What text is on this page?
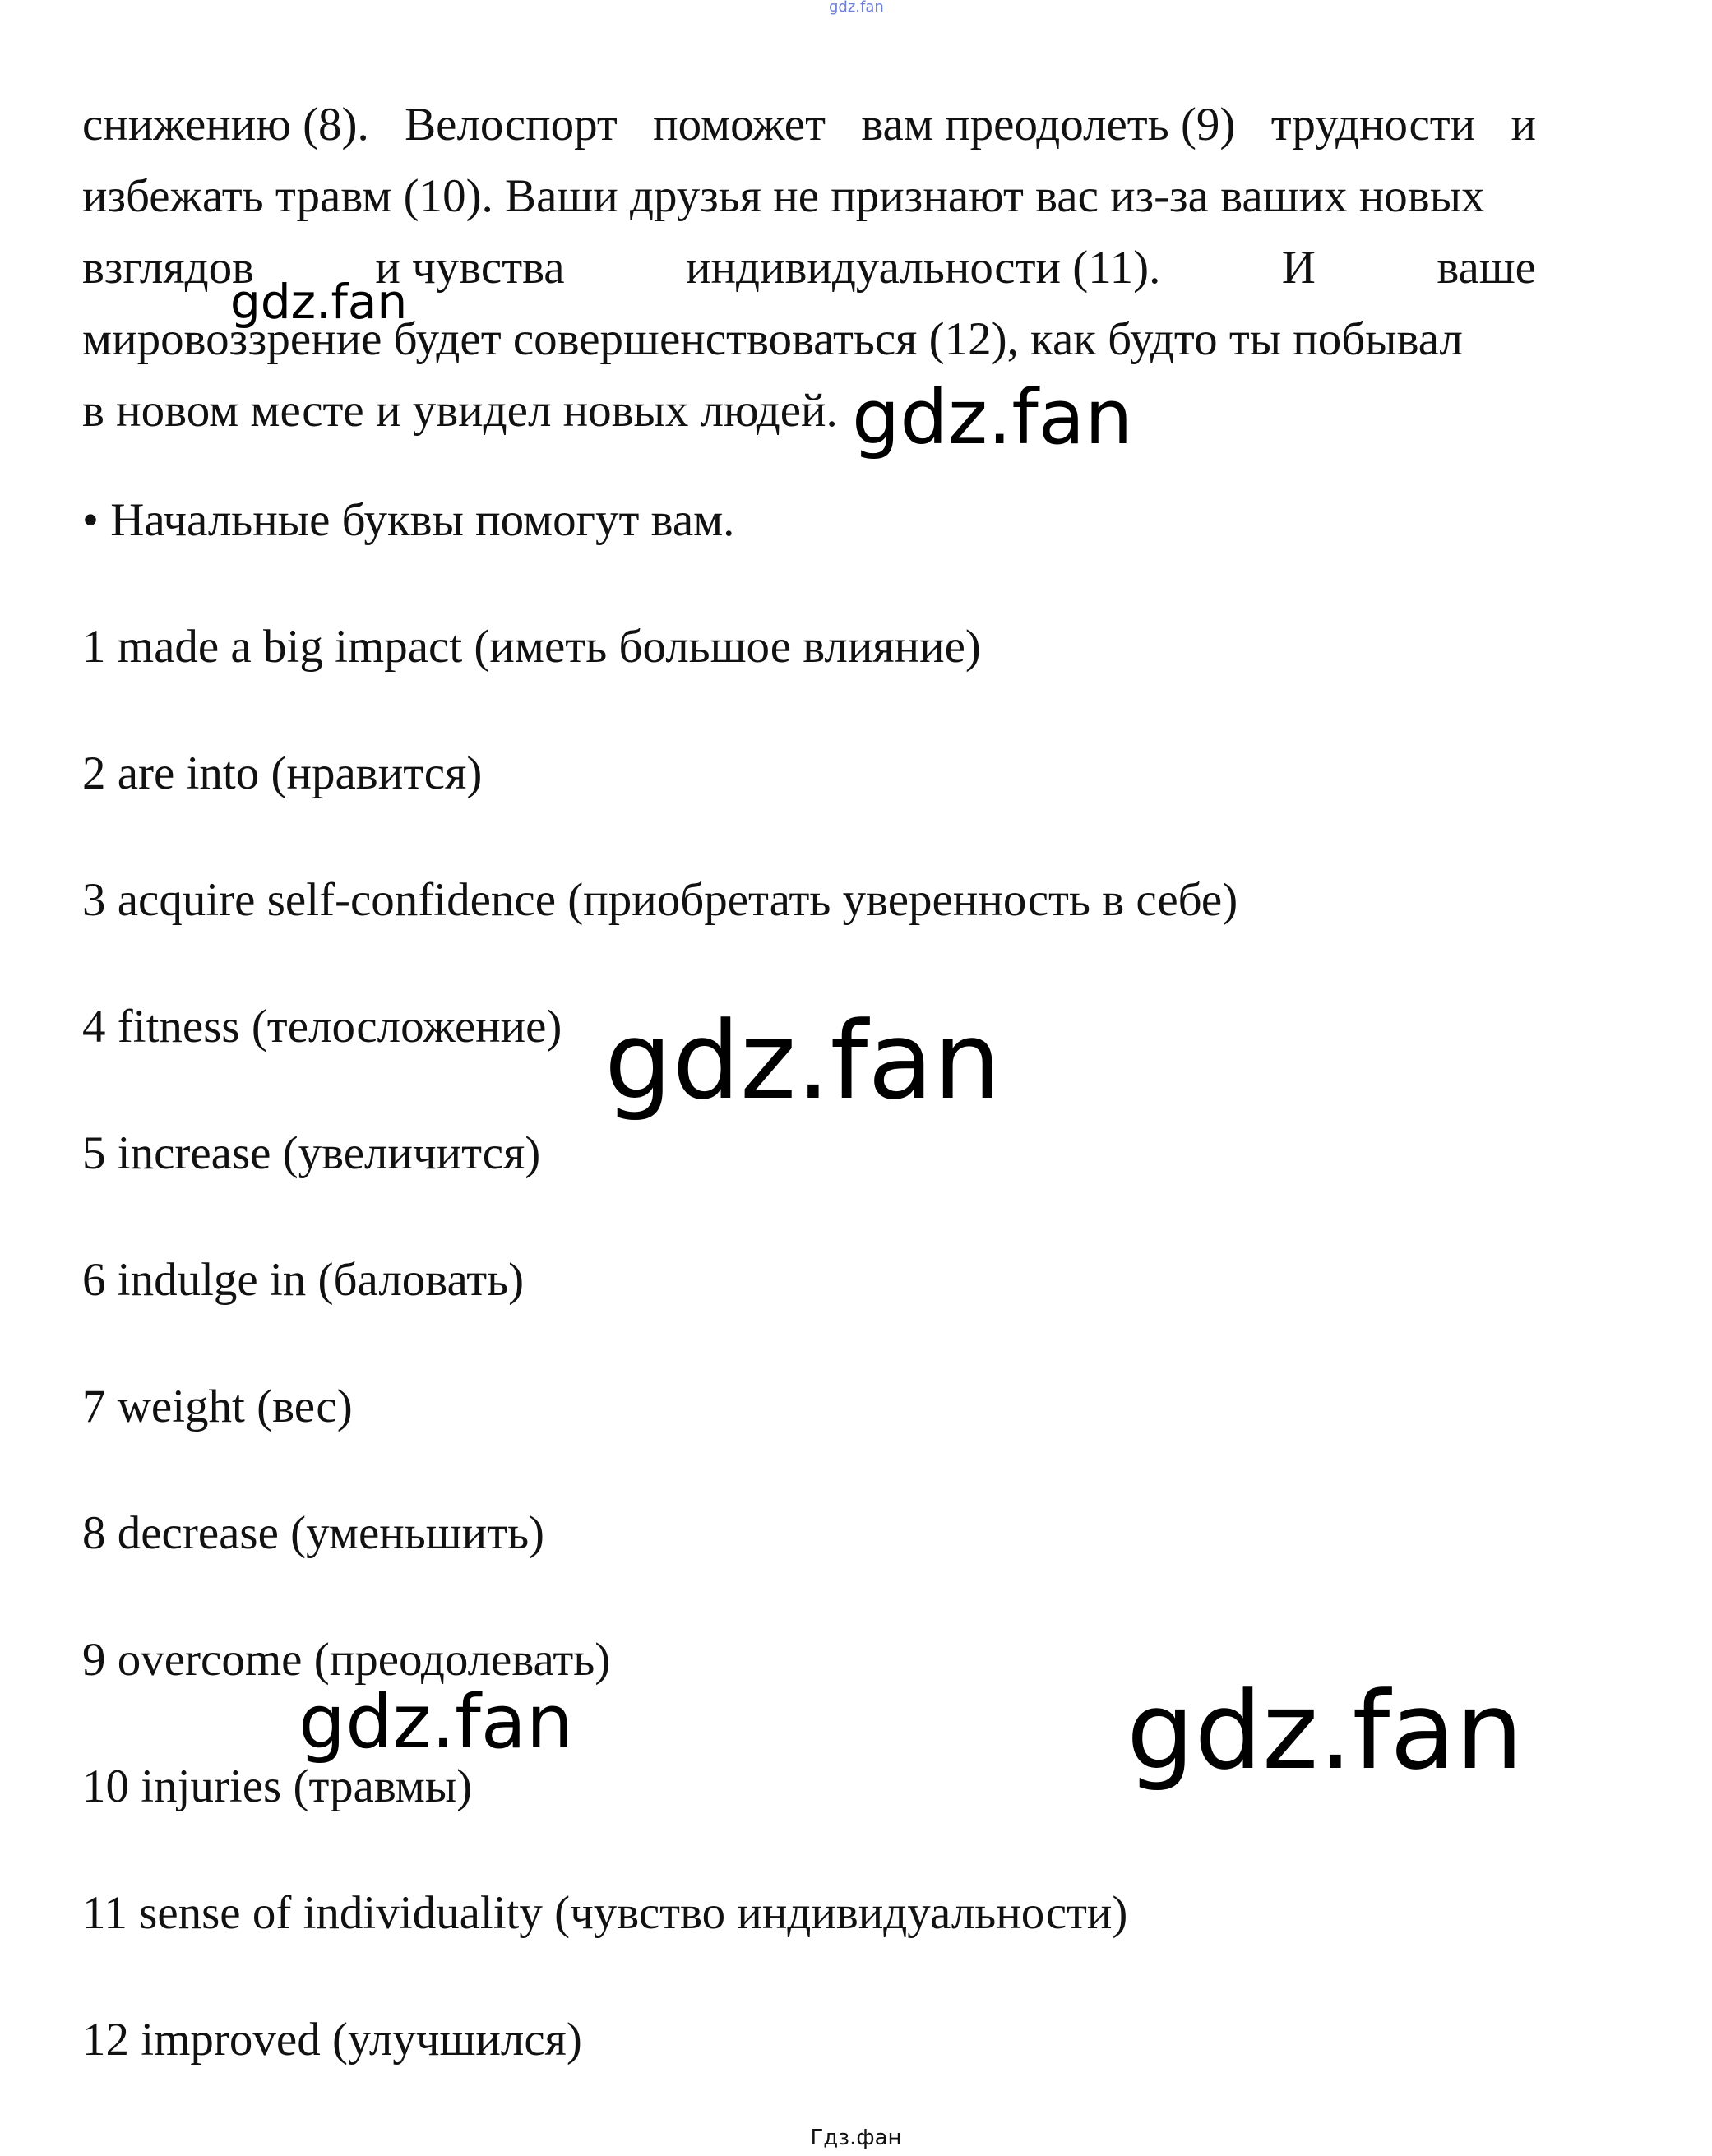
gdz.fan
снижению (8). Велоспорт поможет вам преодолеть (9) трудности и
избежать травм (10). Ваши друзья не признают вас из-за ваших новых
взглядов	и чувства	индивидуальности (11).	И	ваше
мировоззрение будет совершенствоваться (12), как будто ты побывал
в новом месте и увидел новых людей.
• Начальные буквы помогут вам.
1 made a big impact (иметь большое влияние)
2 are into (нравится)
3 acquire self-confidence (приобретать уверенность в себе)
4 fitness (телосложение)
5 increase (увеличится)
6 indulge in (баловать)
7 weight (вес)
8 decrease (уменьшить)
9 overcome (преодолевать)
10 injuries (травмы)
11 sense of individuality (чувство индивидуальности)
12 improved (улучшился)
gdz.fan
gdz.fan
gdz.fan
gdz.fan	gdz.fan
Гдз.фан
